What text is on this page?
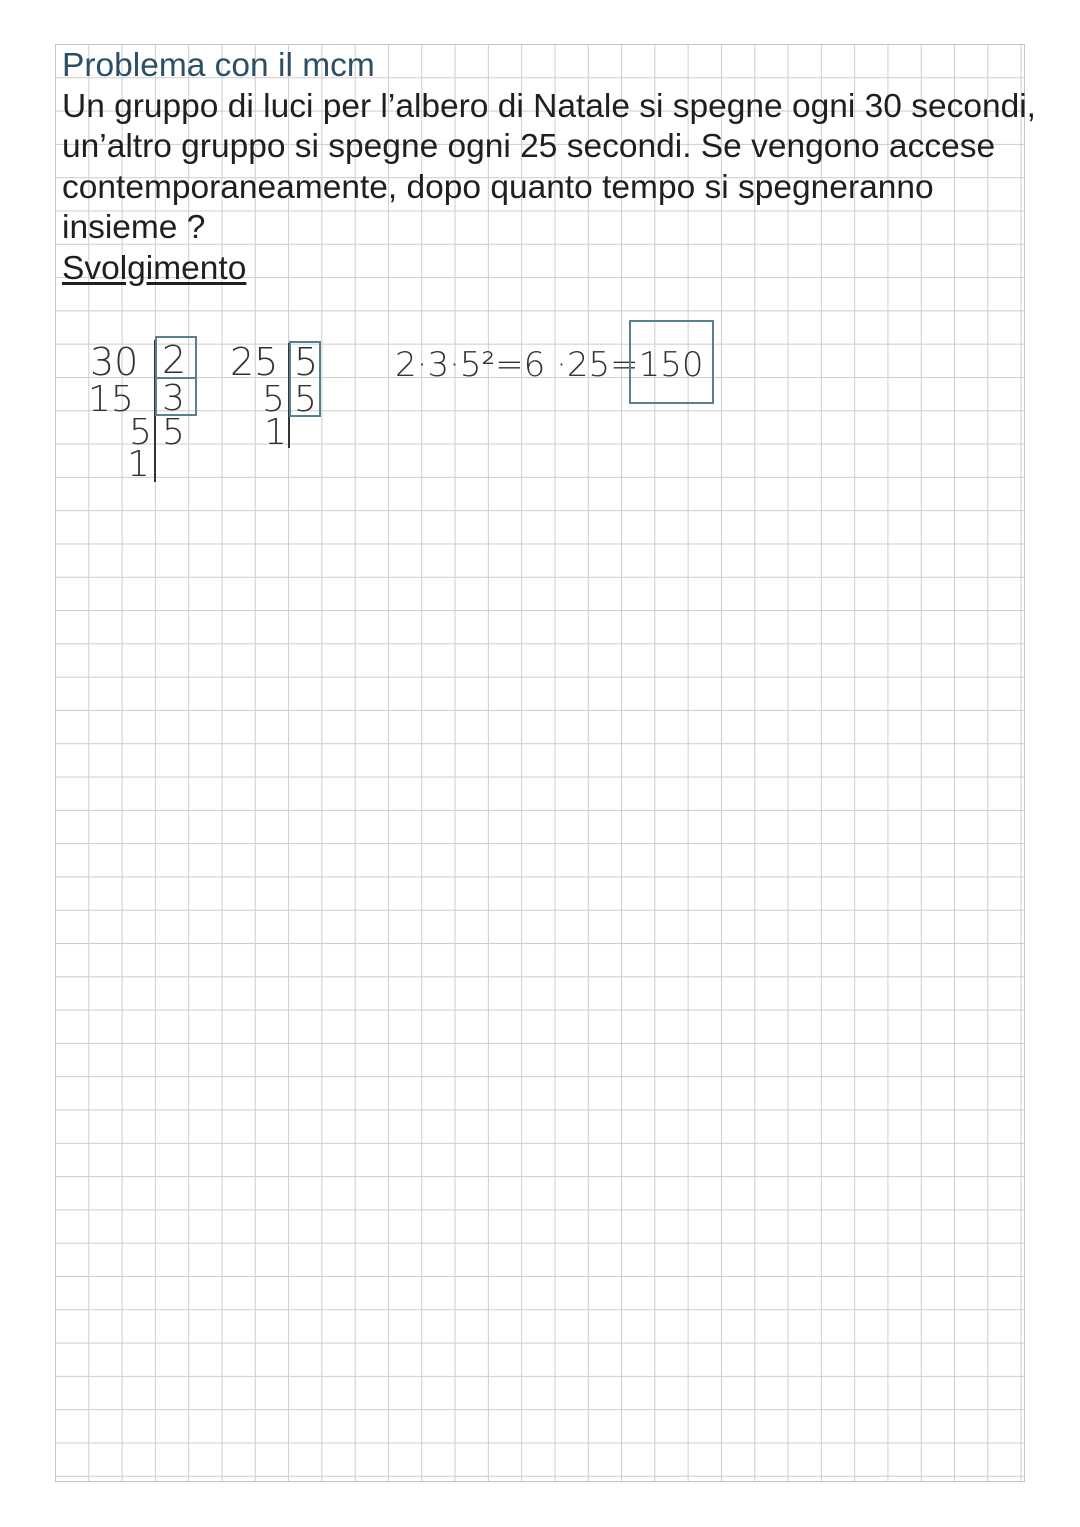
Problema con il mcm

Un gruppo di luci per l’albero di Natale si spegne ogni 30 secondi, un’altro gruppo si spegne ogni 25 secondi. Se vengono accese contemporaneamente, dopo quanto tempo si spegneranno insieme ?

Svolgimento
30 2
15 3
5 5
1
25 5
5 5
1
2·3·5²=6 ·25=150
